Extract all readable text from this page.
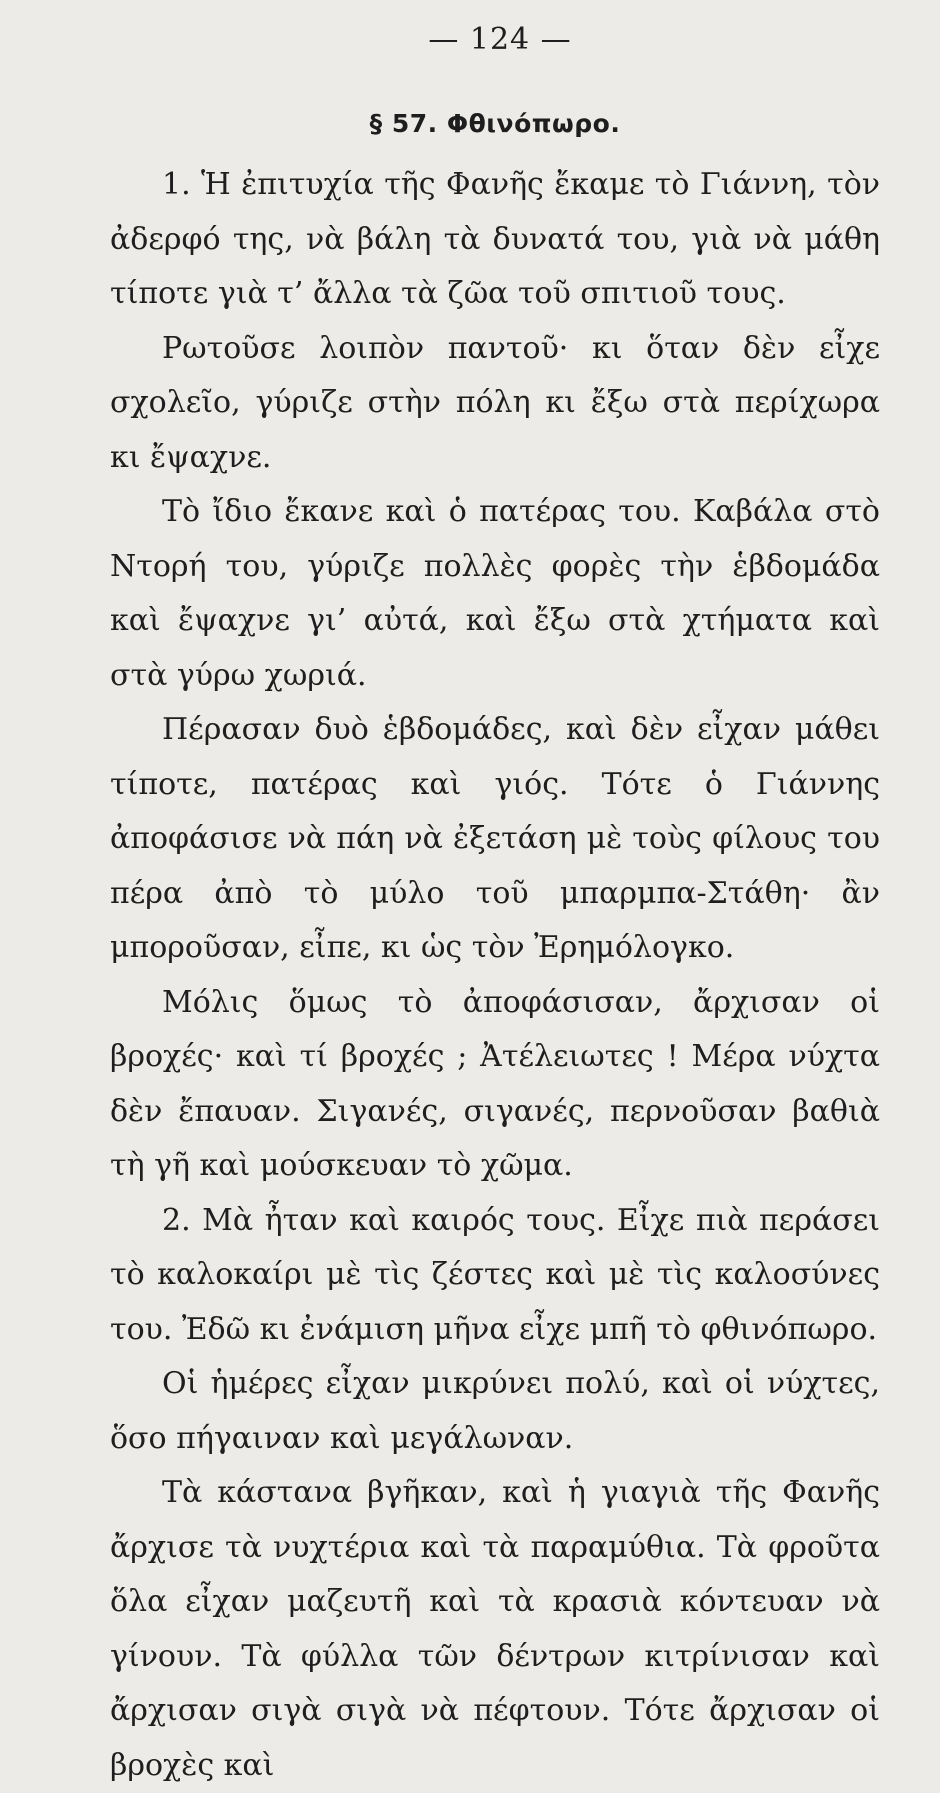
— 124 —
§ 57. Φθινόπωρο.

1. Ἡ ἐπιτυχία τῆς Φανῆς ἔκαμε τὸ Γιάννη, τὸν ἀδερφό της, νὰ βάλη τὰ δυνατά του, γιὰ νὰ μάθη τίποτε γιὰ τ’ ἄλλα τὰ ζῶα τοῦ σπιτιοῦ τους.

Ρωτοῦσε λοιπὸν παντοῦ· κι ὅταν δὲν εἶχε σχολεῖο, γύριζε στὴν πόλη κι ἔξω στὰ περίχωρα κι ἔψαχνε.

Τὸ ἴδιο ἔκανε καὶ ὁ πατέρας του. Καβάλα στὸ Ντορή του, γύριζε πολλὲς φορὲς τὴν ἑβδομάδα καὶ ἔψαχνε γι’ αὐτά, καὶ ἔξω στὰ χτήματα καὶ στὰ γύρω χωριά.

Πέρασαν δυὸ ἑβδομάδες, καὶ δὲν εἶχαν μάθει τίποτε, πατέρας καὶ γιός. Τότε ὁ Γιάννης ἀποφάσισε νὰ πάη νὰ ἐξετάση μὲ τοὺς φίλους του πέρα ἀπὸ τὸ μύλο τοῦ μπαρμπα-Στάθη· ἂν μποροῦσαν, εἶπε, κι ὡς τὸν Ἐρημόλογκο.

Μόλις ὅμως τὸ ἀποφάσισαν, ἄρχισαν οἱ βροχές· καὶ τί βροχές ; Ἀτέλειωτες ! Μέρα νύχτα δὲν ἔπαυαν. Σιγανές, σιγανές, περνοῦσαν βαθιὰ τὴ γῆ καὶ μούσκευαν τὸ χῶμα.

2. Μὰ ἦταν καὶ καιρός τους. Εἶχε πιὰ περάσει τὸ καλοκαίρι μὲ τὶς ζέστες καὶ μὲ τὶς καλοσύνες του. Ἐδῶ κι ἐνάμιση μῆνα εἶχε μπῆ τὸ φθινόπωρο.

Οἱ ἡμέρες εἶχαν μικρύνει πολύ, καὶ οἱ νύχτες, ὅσο πήγαιναν καὶ μεγάλωναν.

Τὰ κάστανα βγῆκαν, καὶ ἡ γιαγιὰ τῆς Φανῆς ἄρχισε τὰ νυχτέρια καὶ τὰ παραμύθια. Τὰ φροῦτα ὅλα εἶχαν μαζευτῆ καὶ τὰ κρασιὰ κόντευαν νὰ γίνουν. Τὰ φύλλα τῶν δέντρων κιτρίνισαν καὶ ἄρχισαν σιγὰ σιγὰ νὰ πέφτουν. Τότε ἄρχισαν οἱ βροχὲς καὶ
